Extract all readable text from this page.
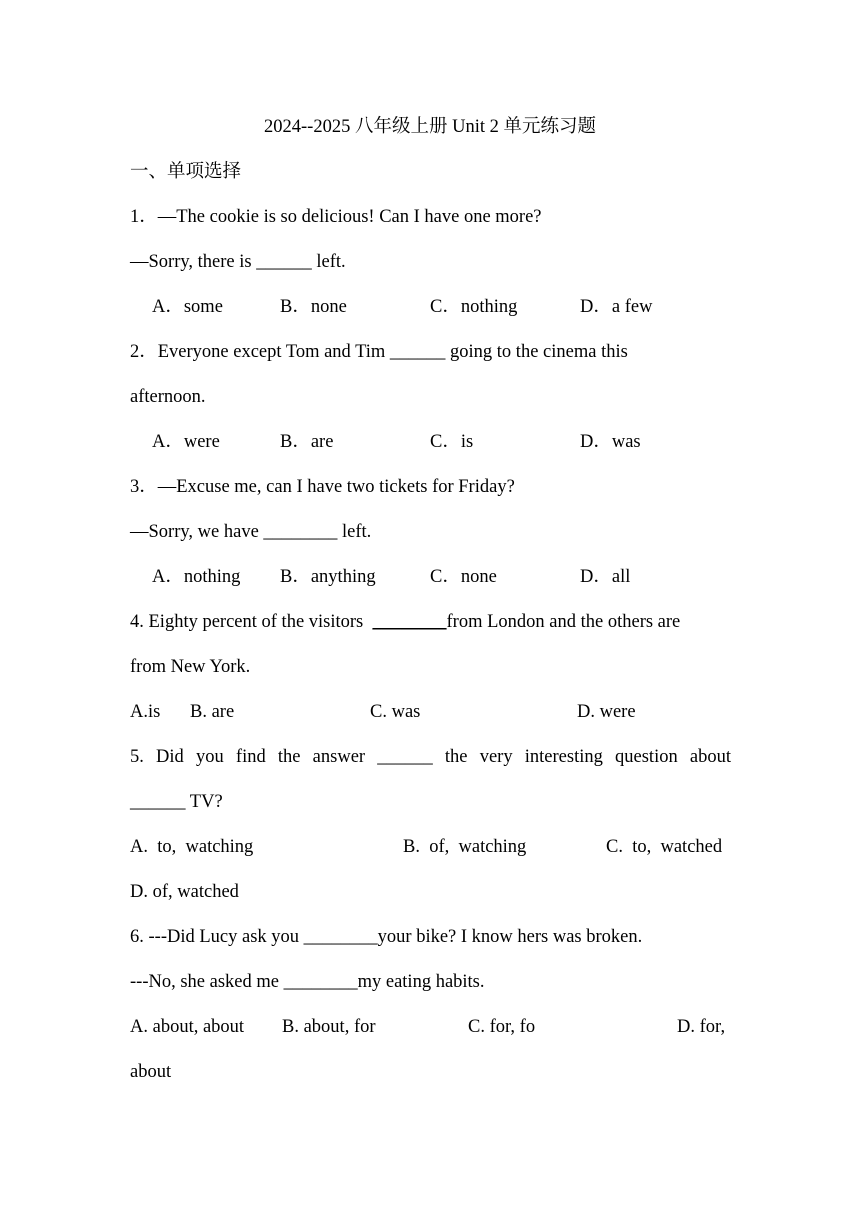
2024--2025 八年级上册 Unit 2 单元练习题
一、单项选择
1．—The cookie is so delicious! Can I have one more?
—Sorry, there is ______ left.
A．some	B．none	C．nothing	D．a few
2．Everyone except Tom and Tim ______ going to the cinema this
afternoon.
A．were	B．are	C．is	D．was
3．—Excuse me, can I have two tickets for Friday?
—Sorry, we have ________ left.
A．nothing B．anything	C．none	D．all
4. Eighty percent of the visitors  ________from London and the others are
from New York.
A.is B. are	C. was	D. were
5. Did you find the answer ______ the very interesting question about
______ TV?
A.  to,  watching	B.  of,  watching	C.  to,  watched
D. of, watched
6. ---Did Lucy ask you ________your bike? I know hers was broken.
---No, she asked me ________my eating habits.
A. about, about B. about, for	C. for, fo	D. for,
about
